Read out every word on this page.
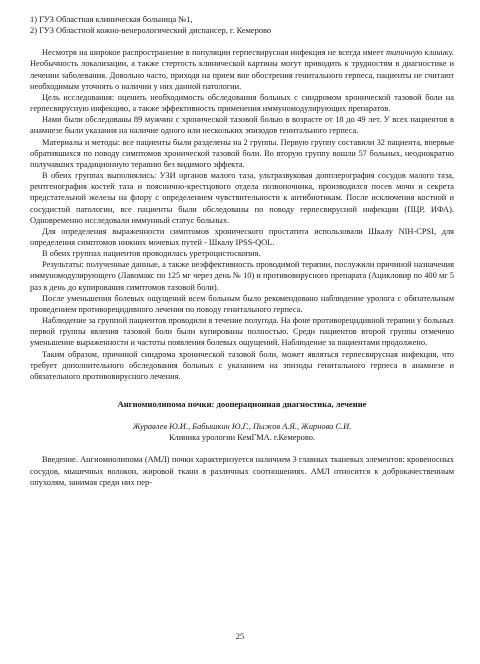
1) ГУЗ Областная клиническая больница №1,

2) ГУЗ Областной кожно-венерологический диспансер, г. Кемерово

Несмотря на широкое распространение в популяции герпесвирусная инфекция не всегда имеет типичную клинику. Необычность локализации, а также стертость клинической картины могут приводить к трудностям в диагностике и лечении заболевания. Довольно часто, приходя на прием вне обострения генитального герпеса, пациенты не считают необходимым уточнять о наличии у них данной патологии.

Цель исследования: оценить необходимость обследования больных с синдромом хронической тазовой боли на герпесвирусную инфекцию, а также эффективность применения иммуномодулирующих препаратов.

Нами были обследованы 89 мужчин с хронической тазовой болью в возрасте от 18 до 49 лет. У всех пациентов в анамнезе были указания на наличие одного или нескольких эпизодов генитального герпеса.

Материалы и методы: все пациенты были разделены на 2 группы. Первую группу составили 32 пациента, впервые обратившихся по поводу симптомов хронической тазовой боли. Во вторую группу вошли 57 больных, неоднократно получавших традиционную терапию без видимого эффекта.

В обеих группах выполнялись: УЗИ органов малого таза, ультразвуковая допплерография сосудов малого таза, рентгенография костей таза и пояснично-крестцового отдела позвоночника, производился посев мочи и секрета предстательной железы на флору с определением чувствительности к антибиотикам. После исключения костной и сосудистой патологии, все пациенты были обследованы по поводу герпесвирусной инфекции (ПЦР, ИФА). Одновременно исследовали иммунный статус больных.

Для определения выраженности симптомов хронического простатита использовали Шкалу NIH-CPSI, для определения симптомов нижних мочевых путей - Шкалу IPSS-QOL.

В обеих группах пациентов проводилась уретроцистоскопия.

Результаты: полученные данные, а также неэффективность проводимой терапии, послужили причиной назначения иммуномодулирующего (Лавомакс по 125 мг через день № 10) и противовирусного препарата (Ацикловир по 400 мг 5 раз в день до купирования симптомов тазовой боли).

После уменьшения болевых ощущений всем больным было рекомендовано наблюдение уролога с обязательным проведением противорецидивного лечения по поводу генитального герпеса.

Наблюдение за группой пациентов проводили в течение полугода. На фоне противорецидивной терапии у больных первой группы явления тазовой боли были купированы полностью. Среди пациентов второй группы отмечено уменьшение выраженности и частоты появления болевых ощущений. Наблюдение за пациентами продолжено.

Таким образом, причиной синдрома хронической тазовой боли, может являться герпесвирусная инфекция, что требует дополнительного обследования больных с указанием на эпизоды генитального герпеса в анамнезе и обязательного противовирусного лечения.

Ангиомиолипома почки: дооперационная диагностика, лечение

Журавлев Ю.И., Бабышкин Ю.Г., Пыжов А.Я., Жирнова С.И.

Клиника урологии КемГМА. г.Кемерово.

Введение. Ангиомиолипома (АМЛ) почки характеризуется наличием 3 главных тканевых элементов: кровеносных сосудов, мышечных волокон, жировой ткани в различных соотношениях. АМЛ относится к доброкачественным опухолям, занимая среди них пер-

25
